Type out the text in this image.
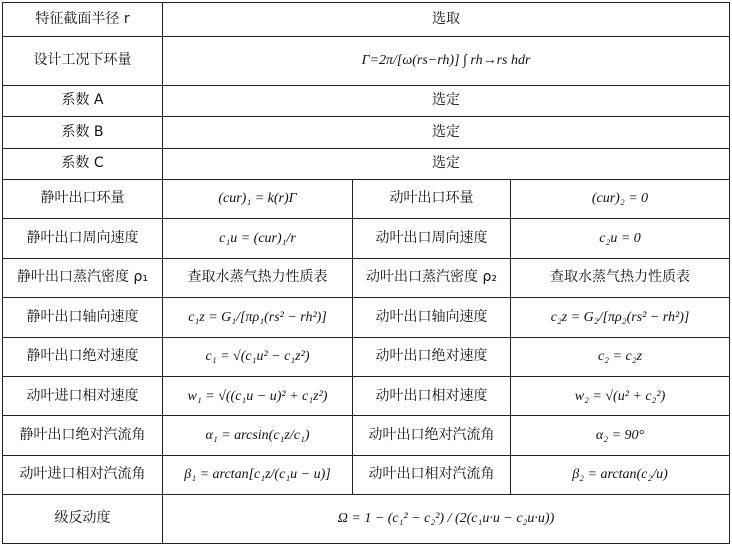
特征截面半径 r	选取		
设计工况下环量	Γ=2π/[ω(rs−rh)] ∫ rh→rs hdr		
系数 A	选定		
系数 B	选定		
系数 C	选定		
静叶出口环量	(cur)₁ = k(r)Γ	动叶出口环量	(cur)₂ = 0
静叶出口周向速度	c₁u = (cur)₁/r	动叶出口周向速度	c₂u = 0
静叶出口蒸汽密度 ρ₁	查取水蒸气热力性质表	动叶出口蒸汽密度 ρ₂	查取水蒸气热力性质表
静叶出口轴向速度	c₁z = G₁/[πρ₁(rs² − rh²)]	动叶出口轴向速度	c₂z = G₂/[πρ₂(rs² − rh²)]
静叶出口绝对速度	c₁ = √(c₁u² − c₁z²)	动叶出口绝对速度	c₂ = c₂z
动叶进口相对速度	w₁ = √((c₁u − u)² + c₁z²)	动叶出口相对速度	w₂ = √(u² + c₂²)
静叶出口绝对汽流角	α₁ = arcsin(c₁z/c₁)	动叶出口绝对汽流角	α₂ = 90°
动叶进口相对汽流角	β₁ = arctan[c₁z/(c₁u − u)]	动叶出口相对汽流角	β₂ = arctan(c₂/u)
级反动度	Ω = 1 − (c₁² − c₂²) / (2(c₁u·u − c₂u·u))		
